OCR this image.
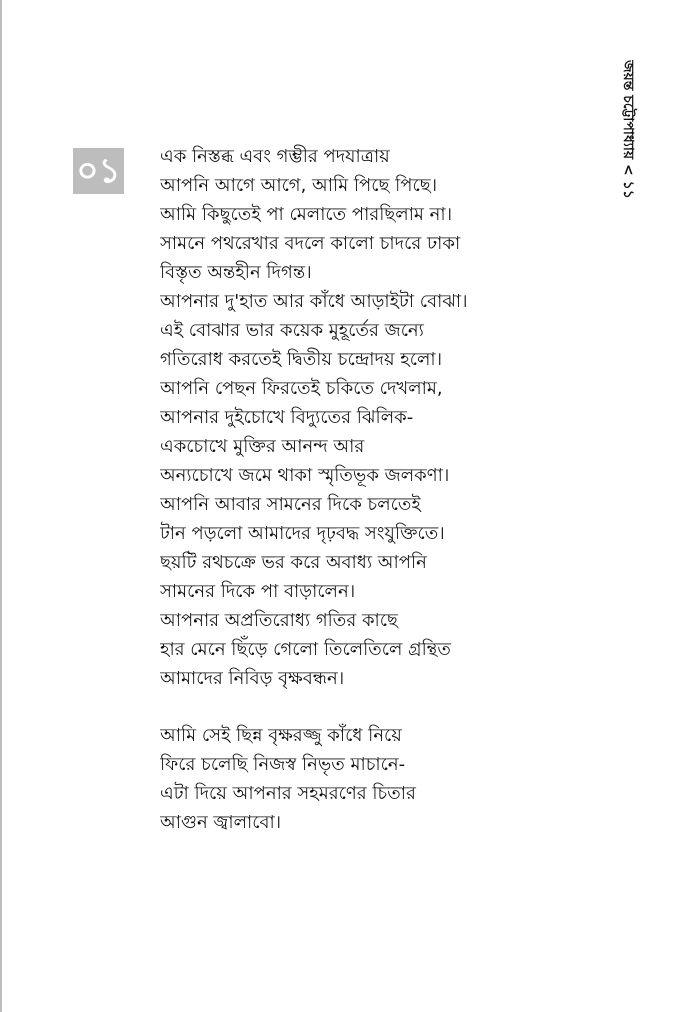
জয়ন্ত চট্টোপাধ্যায় < ১১
০১ এক নিস্তব্ধ এবং গম্ভীর পদযাত্রায়
আপনি আগে আগে, আমি পিছে পিছে।
আমি কিছুতেই পা মেলাতে পারছিলাম না।
সামনে পথরেখার বদলে কালো চাদরে ঢাকা
বিস্তৃত অন্তহীন দিগন্ত।
আপনার দু'হাত আর কাঁধে আড়াইটা বোঝা।
এই বোঝার ভার কয়েক মুহূর্তের জন্যে
গতিরোধ করতেই দ্বিতীয় চন্দ্রোদয় হলো।
আপনি পেছন ফিরতেই চকিতে দেখলাম,
আপনার দুইচোখে বিদ্যুতের ঝিলিক-
একচোখে মুক্তির আনন্দ আর
অন্যচোখে জমে থাকা স্মৃতিভূক জলকণা।
আপনি আবার সামনের দিকে চলতেই
টান পড়লো আমাদের দৃঢ়বদ্ধ সংযুক্তিতে।
ছয়টি রথচক্রে ভর করে অবাধ্য আপনি
সামনের দিকে পা বাড়ালেন।
আপনার অপ্রতিরোধ্য গতির কাছে
হার মেনে ছিঁড়ে গেলো তিলেতিলে গ্রন্থিত
আমাদের নিবিড় বৃক্ষবন্ধন।
আমি সেই ছিন্ন বৃক্ষরজ্জু কাঁধে নিয়ে
ফিরে চলেছি নিজস্ব নিভৃত মাচানে-
এটা দিয়ে আপনার সহমরণের চিতার
আগুন জ্বালাবো।
